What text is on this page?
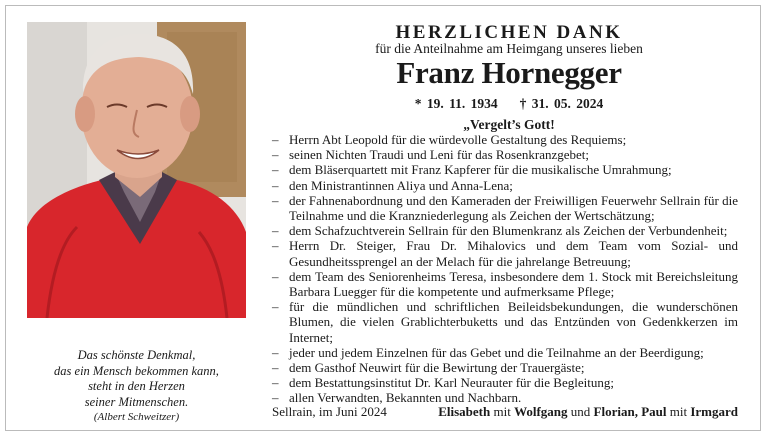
Das schönste Denkmal,
das ein Mensch bekommen kann,
steht in den Herzen
seiner Mitmenschen.
(Albert Schweitzer)
HERZLICHEN DANK
für die Anteilnahme am Heimgang unseres lieben
Franz Hornegger
* 19. 11. 1934 † 31. 05. 2024
„Vergelt’s Gott!
– Herrn Abt Leopold für die würdevolle Gestaltung des Requiems;
– seinen Nichten Traudi und Leni für das Rosenkranzgebet;
– dem Bläserquartett mit Franz Kapferer für die musikalische Umrahmung;
– den Ministrantinnen Aliya und Anna-Lena;
– der Fahnenabordnung und den Kameraden der Freiwilligen Feuerwehr Sellrain für die Teilnahme und die Kranzniederlegung als Zeichen der Wertschätzung;
– dem Schafzuchtverein Sellrain für den Blumenkranz als Zeichen der Verbundenheit;
– Herrn Dr. Steiger, Frau Dr. Mihalovics und dem Team vom Sozial- und Gesundheitssprengel an der Melach für die jahrelange Betreuung;
– dem Team des Seniorenheims Teresa, insbesondere dem 1. Stock mit Bereichsleitung Barbara Luegger für die kompetente und aufmerksame Pflege;
– für die mündlichen und schriftlichen Beileidsbekundungen, die wunderschönen Blumen, die vielen Grablichterbuketts und das Entzünden von Gedenkkerzen im Internet;
– jeder und jedem Einzelnen für das Gebet und die Teilnahme an der Beerdigung;
– dem Gasthof Neuwirt für die Bewirtung der Trauergäste;
– dem Bestattungsinstitut Dr. Karl Neurauter für die Begleitung;
– allen Verwandten, Bekannten und Nachbarn.
Sellrain, im Juni 2024	Elisabeth mit Wolfgang und Florian, Paul mit Irmgard
